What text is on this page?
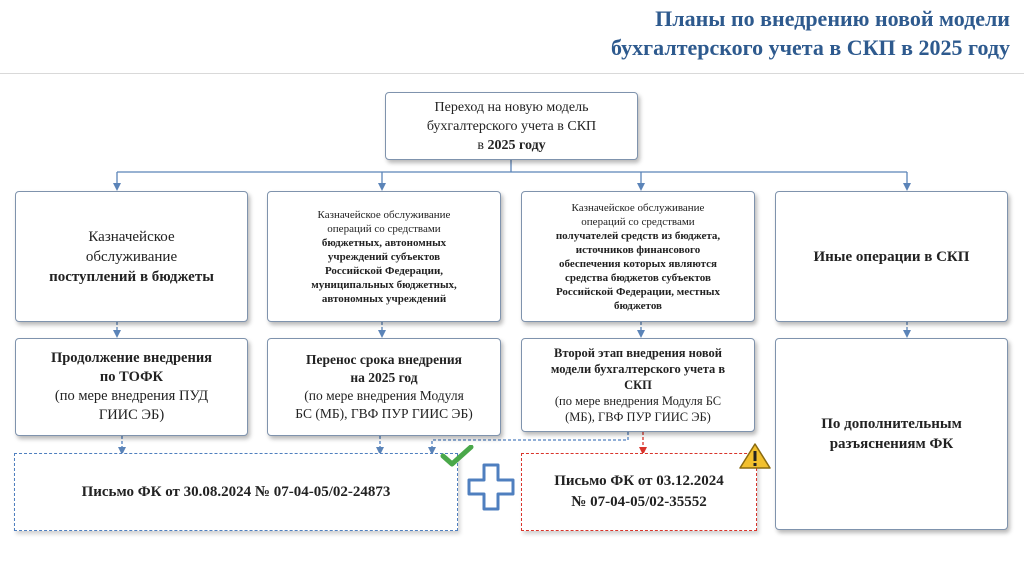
Планы по внедрению новой модели
бухгалтерского учета в СКП в 2025 году
Переход на новую модель
бухгалтерского учета в СКП
в 2025 году
Казначейское
обслуживание
поступлений в бюджеты
Казначейское обслуживание
операций со средствами
бюджетных, автономных
учреждений субъектов
Российской Федерации,
муниципальных бюджетных,
автономных учреждений
Казначейское обслуживание
операций со средствами
получателей средств из бюджета,
источников финансового
обеспечения которых являются
средства бюджетов субъектов
Российской Федерации, местных
бюджетов
Иные операции в СКП
Продолжение внедрения
по ТОФК
(по мере внедрения ПУД
ГИИС ЭБ)
Перенос срока внедрения
на 2025 год
(по мере внедрения Модуля
БС (МБ), ГВФ ПУР ГИИС ЭБ)
Второй этап внедрения новой
модели бухгалтерского учета в
СКП
(по мере внедрения Модуля БС
(МБ), ГВФ ПУР ГИИС ЭБ)	По дополнительным
разъяснениям ФК
Письмо ФК от 30.08.2024 № 07-04-05/02-24873
Письмо ФК от 03.12.2024
№ 07-04-05/02-35552
